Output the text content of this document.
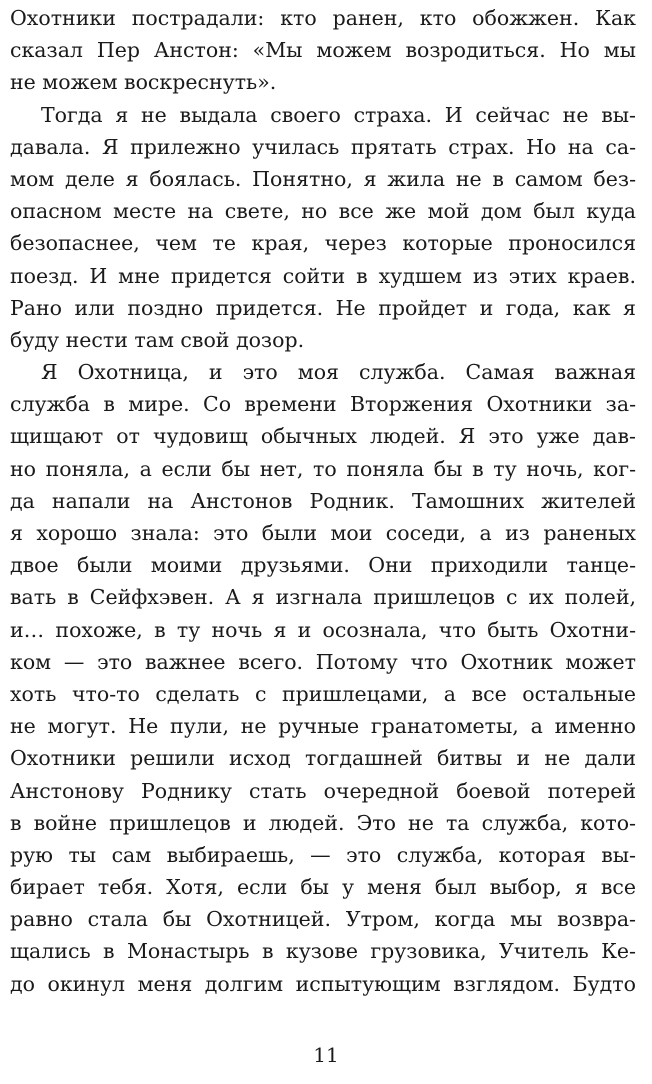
Охотники пострадали: кто ранен, кто обожжен. Как
сказал Пер Анстон: «Мы можем возродиться. Но мы
не можем воскреснуть».
Тогда я не выдала своего страха. И сейчас не вы-
давала. Я прилежно училась прятать страх. Но на са-
мом деле я боялась. Понятно, я жила не в самом без-
опасном месте на свете, но все же мой дом был куда
безопаснее, чем те края, через которые проносился
поезд. И мне придется сойти в худшем из этих краев.
Рано или поздно придется. Не пройдет и года, как я
буду нести там свой дозор.
Я Охотница, и это моя служба. Самая важная
служба в мире. Со времени Вторжения Охотники за-
щищают от чудовищ обычных людей. Я это уже дав-
но поняла, а если бы нет, то поняла бы в ту ночь, ког-
да напали на Анстонов Родник. Тамошних жителей
я хорошо знала: это были мои соседи, а из раненых
двое были моими друзьями. Они приходили танце-
вать в Сейфхэвен. А я изгнала пришлецов с их полей,
и… похоже, в ту ночь я и осознала, что быть Охотни-
ком — это важнее всего. Потому что Охотник может
хоть что-то сделать с пришлецами, а все остальные
не могут. Не пули, не ручные гранатометы, а именно
Охотники решили исход тогдашней битвы и не дали
Анстонову Роднику стать очередной боевой потерей
в войне пришлецов и людей. Это не та служба, кото-
рую ты сам выбираешь, — это служба, которая вы-
бирает тебя. Хотя, если бы у меня был выбор, я все
равно стала бы Охотницей. Утром, когда мы возвра-
щались в Монастырь в кузове грузовика, Учитель Ке-
до окинул меня долгим испытующим взглядом. Будто
11
